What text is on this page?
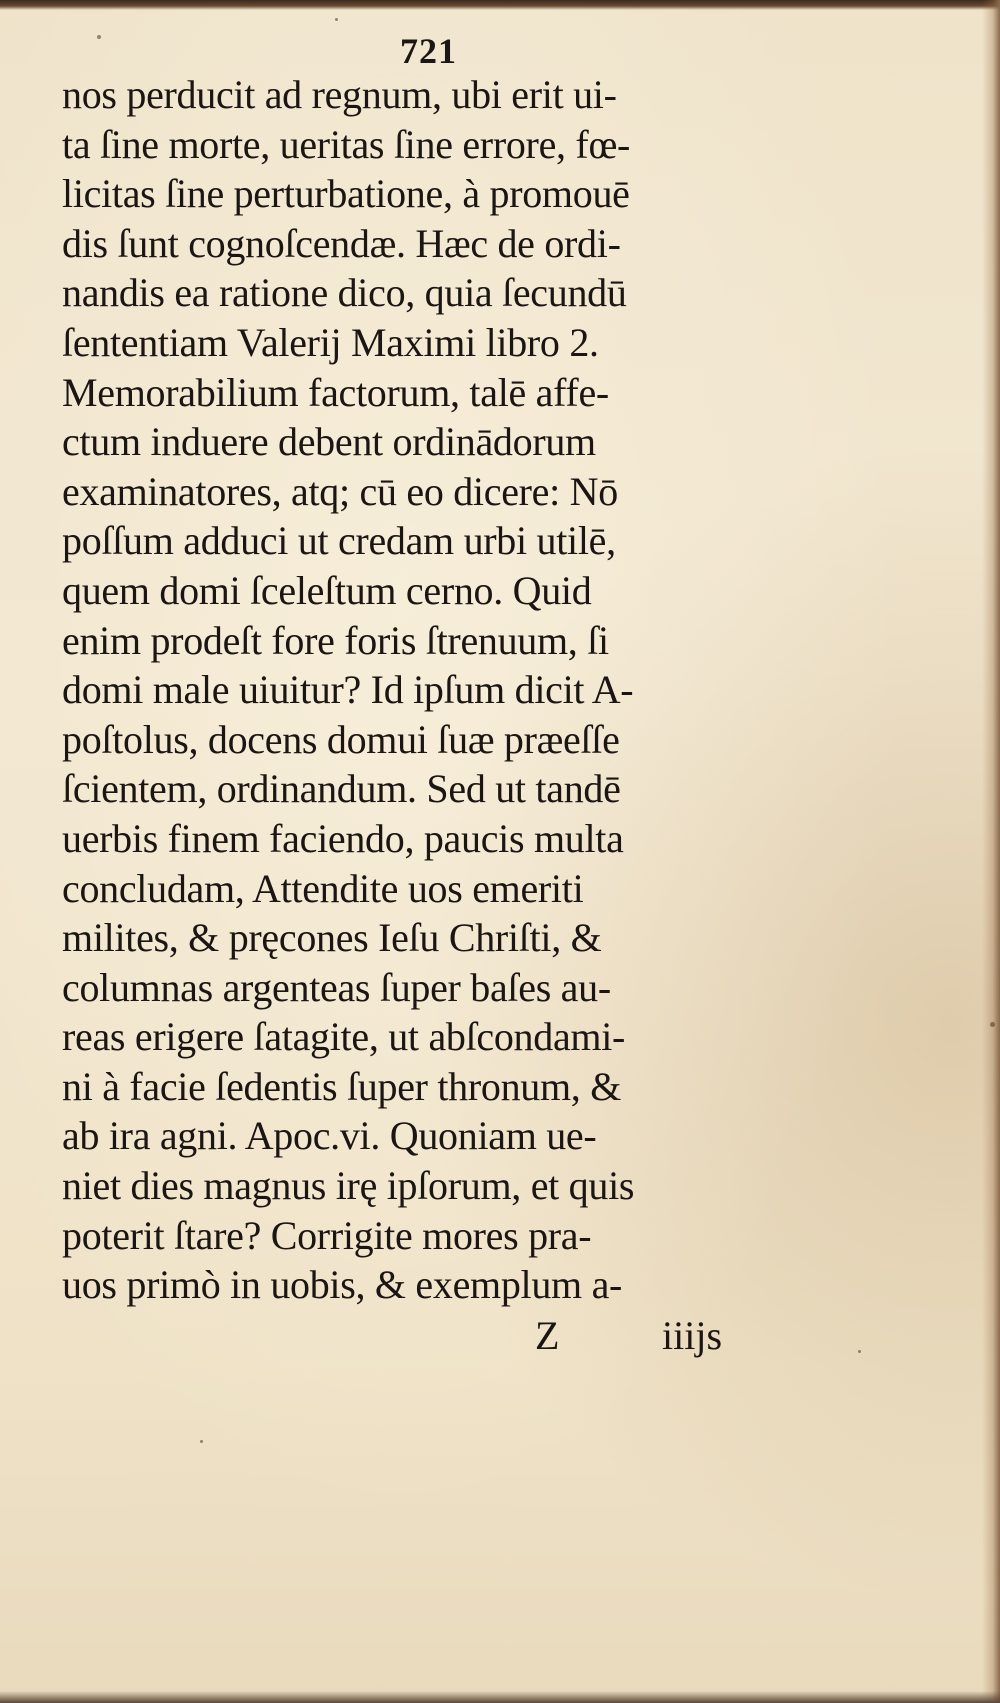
721
nos perducit ad regnum, ubi erit ui-
ta ſine morte, ueritas ſine errore, fœ-
licitas ſine perturbatione, à promouē
dis ſunt cognoſcendæ. Hæc de ordi-
nandis ea ratione dico, quia ſecundū
ſententiam Valerij Maximi libro 2.
Memorabilium factorum, talē affe-
ctum induere debent ordinādorum
examinatores, atq; cū eo dicere: Nō
poſſum adduci ut credam urbi utilē,
quem domi ſceleſtum cerno. Quid
enim prodeſt fore foris ſtrenuum, ſi
domi male uiuitur? Id ipſum dicit A-
poſtolus, docens domui ſuæ præeſſe
ſcientem, ordinandum. Sed ut tandē
uerbis finem faciendo, paucis multa
concludam, Attendite uos emeriti
milites, & pręcones Ieſu Chriſti, &
columnas argenteas ſuper baſes au-
reas erigere ſatagite, ut abſcondami-
ni à facie ſedentis ſuper thronum, &
ab ira agni. Apoc.vi. Quoniam ue-
niet dies magnus irę ipſorum, et quis
poterit ſtare? Corrigite mores pra-
uos primò in uobis, & exemplum a-
Z	iiijs
